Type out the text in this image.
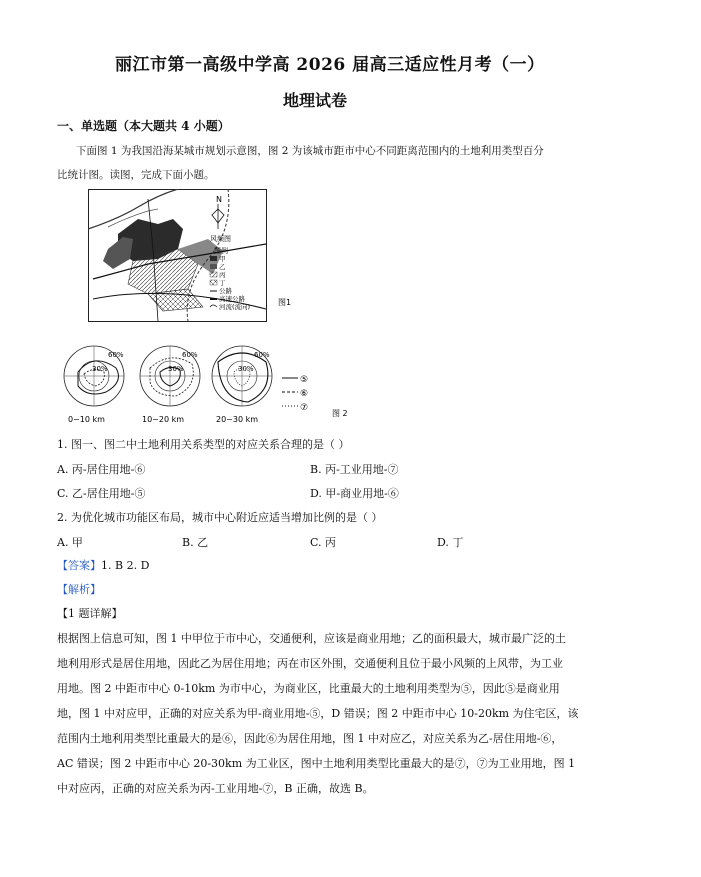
丽江市第一高级中学高 2026 届高三适应性月考（一）
地理试卷
一、单选题（本大题共 4 小题）
下面图 1 为我国沿海某城市规划示意图，图 2 为该城市距市中心不同距离范围内的土地利用类型百分
比统计图。读图，完成下面小题。
N
风频图
图例
甲
乙
丙
丁
公路
高速公路
河流(流向)	图1
60%
30%
0~10 km
60%
30%
10~20 km
60%
30%
20~30 km
⑤
⑥
⑦
图 2
1. 图一、图二中土地利用关系类型的对应关系合理的是（ ）
A. 丙-居住用地-⑥	B. 丙-工业用地-⑦
C. 乙-居住用地-⑤	D. 甲-商业用地-⑥
2. 为优化城市功能区布局，城市中心附近应适当增加比例的是（ ）
A. 甲	B. 乙	C. 丙	D. 丁
【答案】1. B 2. D
【解析】
【1 题详解】
根据图上信息可知，图 1 中甲位于市中心，交通便利，应该是商业用地；乙的面积最大，城市最广泛的土
地利用形式是居住用地，因此乙为居住用地；丙在市区外围，交通便利且位于最小风频的上风带，为工业
用地。图 2 中距市中心 0-10km 为市中心，为商业区，比重最大的土地利用类型为⑤，因此⑤是商业用
地，图 1 中对应甲，正确的对应关系为甲-商业用地-⑤，D 错误；图 2 中距市中心 10-20km 为住宅区，该
范围内土地利用类型比重最大的是⑥，因此⑥为居住用地，图 1 中对应乙，对应关系为乙-居住用地-⑥，
AC 错误；图 2 中距市中心 20-30km 为工业区，图中土地利用类型比重最大的是⑦，⑦为工业用地，图 1
中对应丙，正确的对应关系为丙-工业用地-⑦，B 正确，故选 B。
